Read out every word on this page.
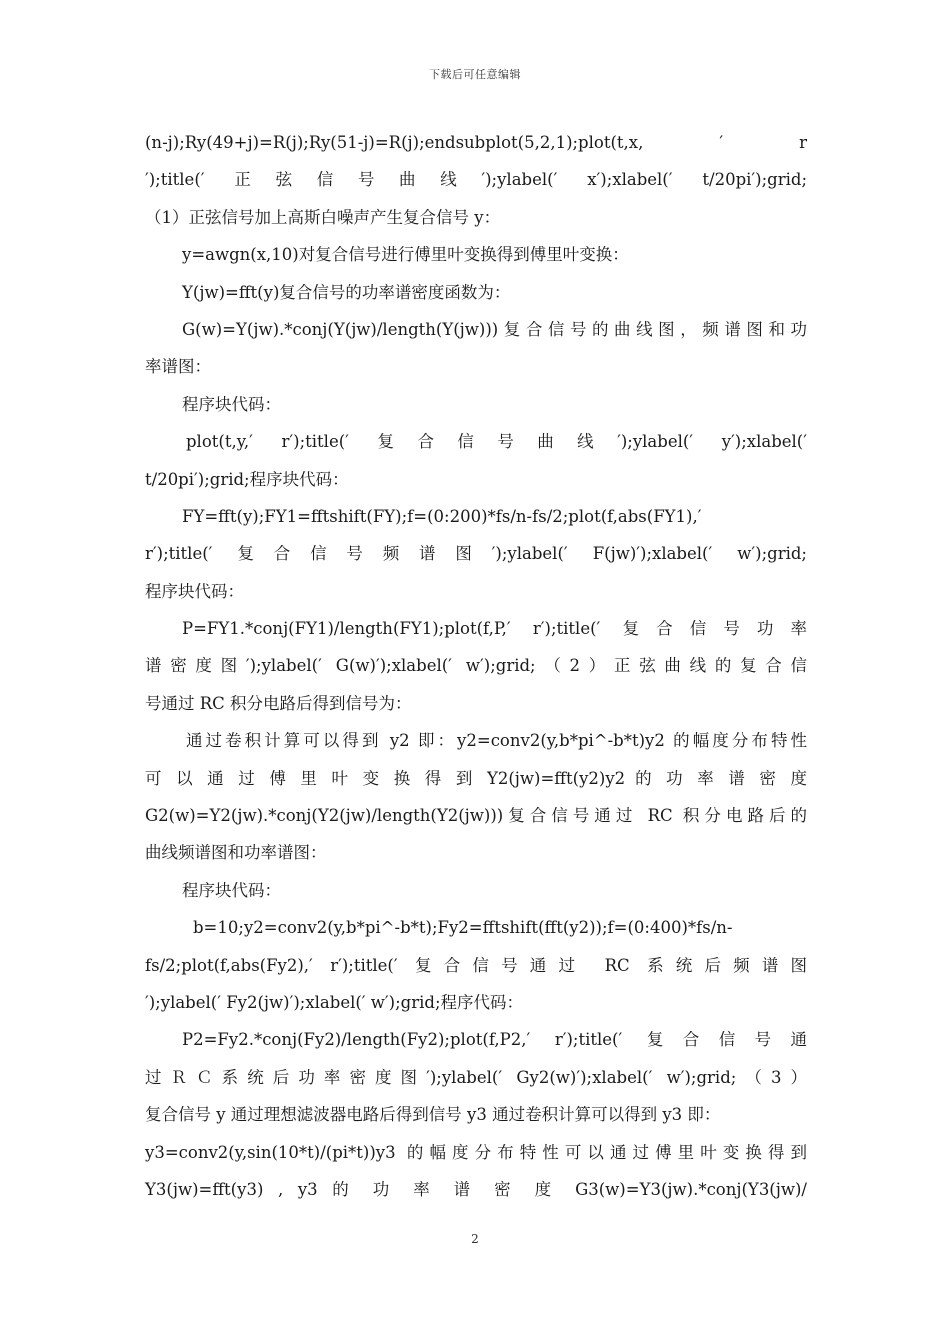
下载后可任意编辑
(n-j);Ry(49+j)=R(j);Ry(51-j)=R(j);endsubplot(5,2,1);plot(t,x, ′ r
′);title(′ 正弦信号曲线′);ylabel(′ x′);xlabel(′ t/20pi′);grid;
（1）正弦信号加上高斯白噪声产生复合信号 y：
y=awgn(x,10)对复合信号进行傅里叶变换得到傅里叶变换：
Y(jw)=fft(y)复合信号的功率谱密度函数为：
G(w)=Y(jw).*conj(Y(jw)/length(Y(jw)))复合信号的曲线图，频谱图和功
率谱图：
程序块代码：
plot(t,y,′ r′);title(′ 复合信号曲线′);ylabel(′ y′);xlabel(′
t/20pi′);grid;程序块代码：
FY=fft(y);FY1=fftshift(FY);f=(0:200)*fs/n-fs/2;plot(f,abs(FY1),′
r′);title(′ 复合信号频谱图′);ylabel(′ F(jw)′);xlabel(′ w′);grid;
程序块代码：
P=FY1.*conj(FY1)/length(FY1);plot(f,P,′ r′);title(′ 复合信号功率
谱密度图′);ylabel(′ G(w)′);xlabel(′ w′);grid;（2）正弦曲线的复合信
号通过 RC 积分电路后得到信号为：
通过卷积计算可以得到 y2 即：y2=conv2(y,b*pi^-b*t)y2 的幅度分布特性
可 以 通 过 傅 里 叶 变 换 得 到 Y2(jw)=fft(y2)y2 的 功 率 谱 密 度
G2(w)=Y2(jw).*conj(Y2(jw)/length(Y2(jw)))复合信号通过 RC 积分电路后的
曲线频谱图和功率谱图：
程序块代码：
b=10;y2=conv2(y,b*pi^-b*t);Fy2=fftshift(fft(y2));f=(0:400)*fs/n-
fs/2;plot(f,abs(Fy2),′ r′);title(′ 复合信号通过 RC 系统后频谱图
′);ylabel(′ Fy2(jw)′);xlabel(′ w′);grid;程序代码：
P2=Fy2.*conj(Fy2)/length(Fy2);plot(f,P2,′ r′);title(′ 复合信号通
过ＲＣ系统后功率密度图′);ylabel(′ Gy2(w)′);xlabel(′ w′);grid;（3）
复合信号 y 通过理想滤波器电路后得到信号 y3 通过卷积计算可以得到 y3 即：
y3=conv2(y,sin(10*t)/(pi*t))y3 的幅度分布特性可以通过傅里叶变换得到
Y3(jw)=fft(y3) , y3 的 功 率 谱 密 度 G3(w)=Y3(jw).*conj(Y3(jw)/
2
